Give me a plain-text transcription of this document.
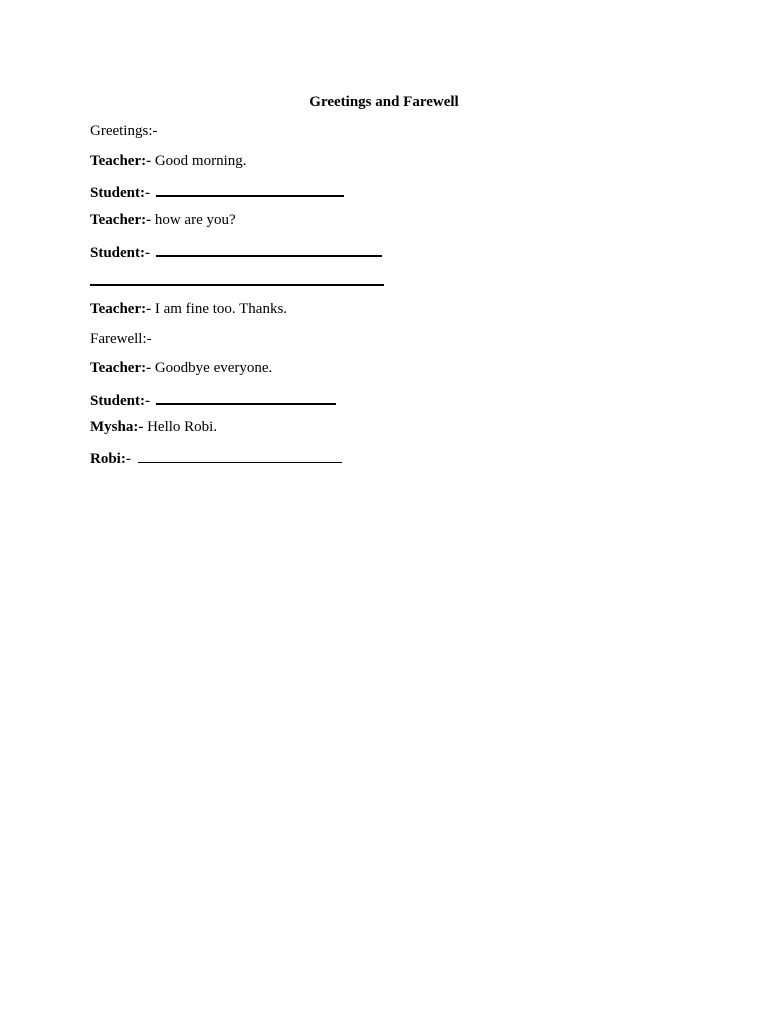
Greetings and Farewell
Greetings:-
Teacher:- Good morning.
Student:-
Teacher:- how are you?
Student:-
Teacher:- I am fine too. Thanks.
Farewell:-
Teacher:- Goodbye everyone.
Student:-
Mysha:- Hello Robi.
Robi:-
